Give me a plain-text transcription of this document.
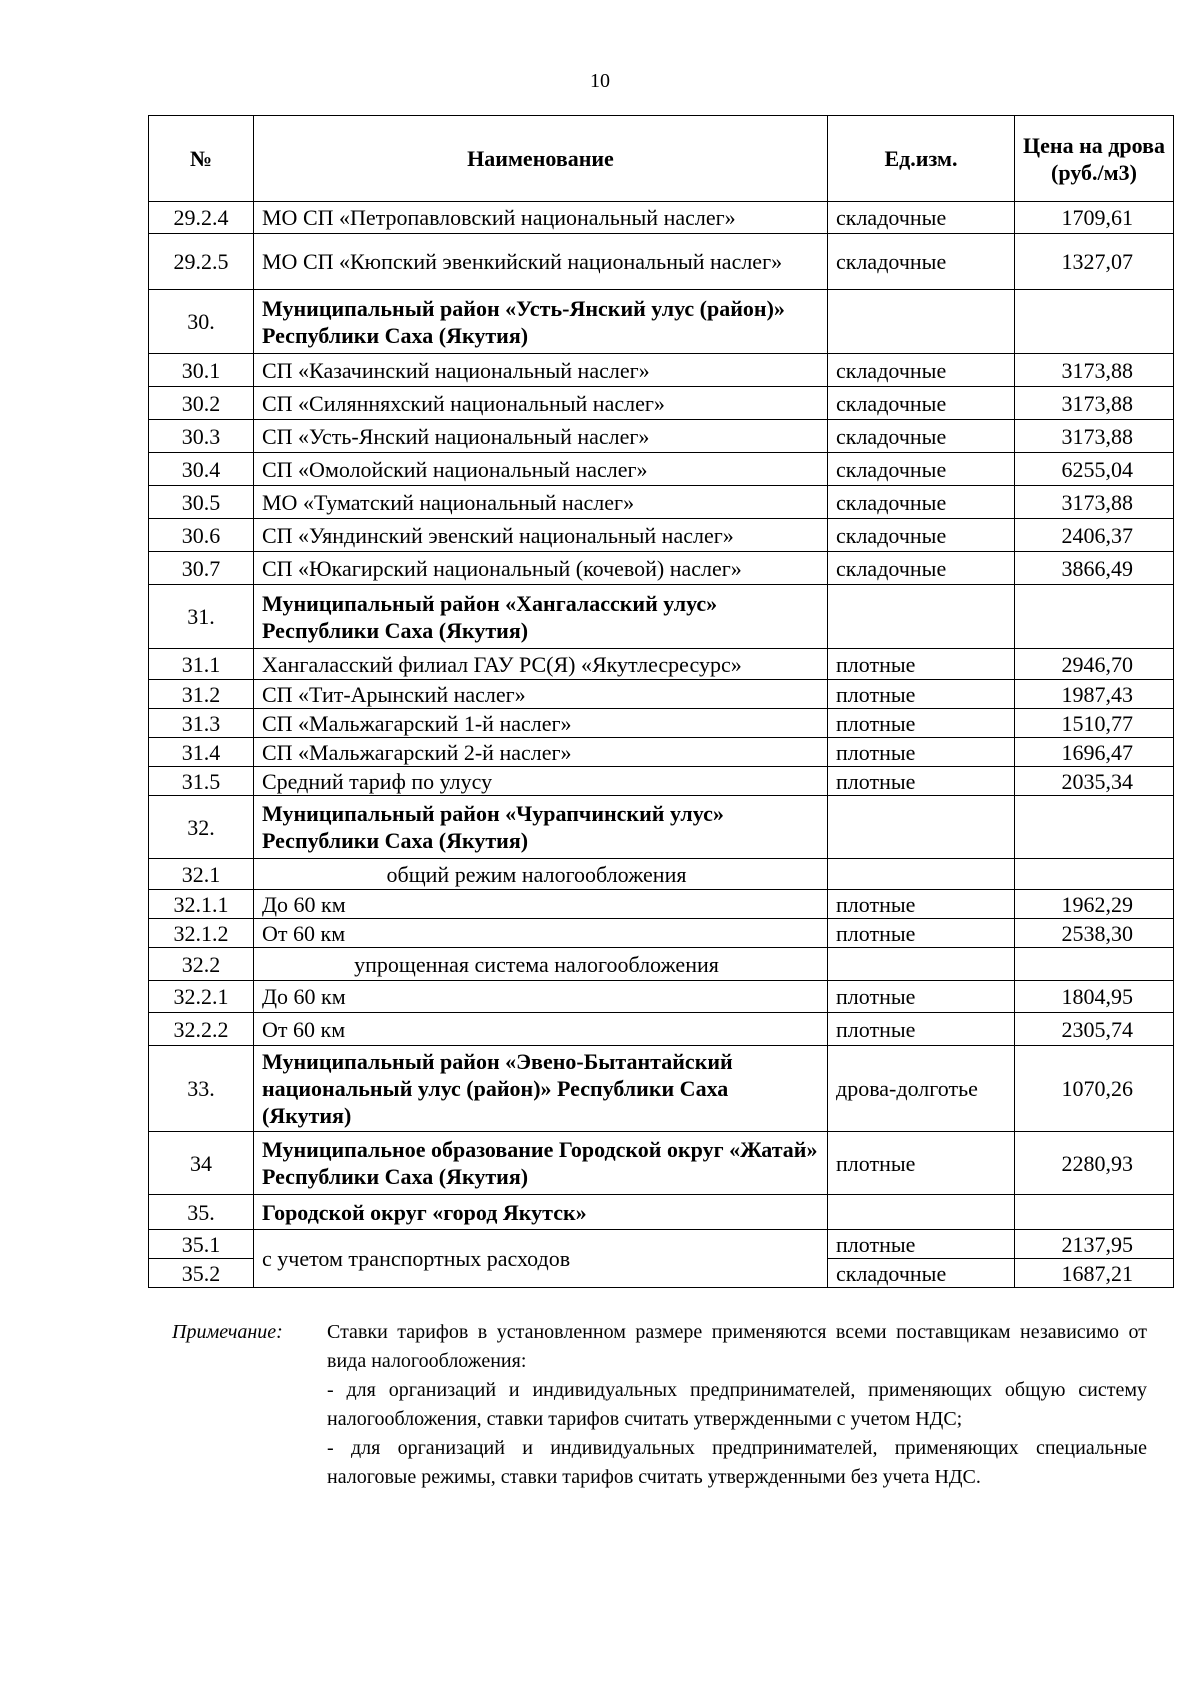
10
№	Наименование	Ед.изм.	Цена на дрова (руб./м3)
29.2.4	МО СП «Петропавловский национальный наслег»	складочные	1709,61
29.2.5	МО СП «Кюпский эвенкийский национальный наслег»	складочные	1327,07
30.	Муниципальный район «Усть-Янский улус (район)» Республики Саха (Якутия)		
30.1	СП «Казачинский национальный наслег»	складочные	3173,88
30.2	СП «Силянняхский национальный наслег»	складочные	3173,88
30.3	СП «Усть-Янский национальный наслег»	складочные	3173,88
30.4	СП «Омолойский национальный наслег»	складочные	6255,04
30.5	МО «Туматский национальный наслег»	складочные	3173,88
30.6	СП «Уяндинский эвенский национальный наслег»	складочные	2406,37
30.7	СП «Юкагирский национальный (кочевой) наслег»	складочные	3866,49
31.	Муниципальный район «Хангаласский улус» Республики Саха (Якутия)		
31.1	Хангаласский филиал ГАУ РС(Я) «Якутлесресурс»	плотные	2946,70
31.2	СП «Тит-Арынский наслег»	плотные	1987,43
31.3	СП «Мальжагарский 1-й наслег»	плотные	1510,77
31.4	СП «Мальжагарский 2-й наслег»	плотные	1696,47
31.5	Средний тариф по улусу	плотные	2035,34
32.	Муниципальный район «Чурапчинский улус» Республики Саха (Якутия)		
32.1	общий режим налогообложения		
32.1.1	До 60 км	плотные	1962,29
32.1.2	От 60 км	плотные	2538,30
32.2	упрощенная система налогообложения		
32.2.1	До 60 км	плотные	1804,95
32.2.2	От 60 км	плотные	2305,74
33.	Муниципальный район «Эвено-Бытантайский национальный улус (район)» Республики Саха (Якутия)	дрова-долготье	1070,26
34	Муниципальное образование Городской округ «Жатай» Республики Саха (Якутия)	плотные	2280,93
35.	Городской округ «город Якутск»		
35.1	с учетом транспортных расходов	плотные	2137,95
35.2		складочные	1687,21
Примечание:	Ставки тарифов в установленном размере применяются всеми поставщикам независимо от вида налогообложения:

- для организаций и индивидуальных предпринимателей, применяющих общую систему налогообложения, ставки тарифов считать утвержденными с учетом НДС;

- для организаций и индивидуальных предпринимателей, применяющих специальные налоговые режимы, ставки тарифов считать утвержденными без учета НДС.
